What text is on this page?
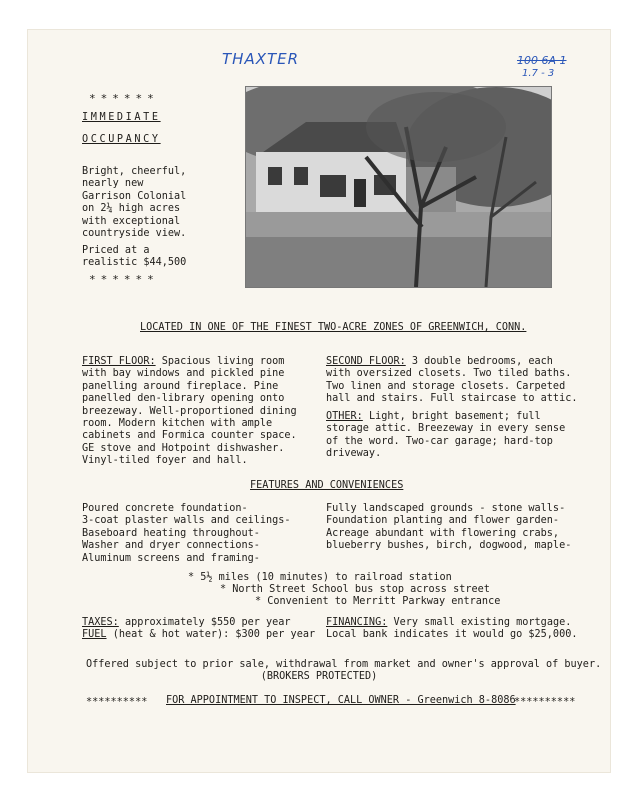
THAXTER	100 6A 1
1.7 - 3
******
IMMEDIATE
OCCUPANCY
Bright, cheerful,
nearly new
Garrison Colonial
on 2¼ high acres
with exceptional
countryside view.
Priced at a
realistic $44,500
******
LOCATED IN ONE OF THE FINEST TWO-ACRE ZONES OF GREENWICH, CONN.
FIRST FLOOR: Spacious living room
with bay windows and pickled pine
panelling around fireplace. Pine
panelled den-library opening onto
breezeway. Well-proportioned dining
room. Modern kitchen with ample
cabinets and Formica counter space.
GE stove and Hotpoint dishwasher.
Vinyl-tiled foyer and hall.
SECOND FLOOR: 3 double bedrooms, each
with oversized closets. Two tiled baths.
Two linen and storage closets. Carpeted
hall and stairs. Full staircase to attic.
OTHER: Light, bright basement; full
storage attic. Breezeway in every sense
of the word. Two-car garage; hard-top
driveway.
FEATURES AND CONVENIENCES
Poured concrete foundation-
3-coat plaster walls and ceilings-
Baseboard heating throughout-
Washer and dryer connections-
Aluminum screens and framing-
Fully landscaped grounds - stone walls-
Foundation planting and flower garden-
Acreage abundant with flowering crabs,
blueberry bushes, birch, dogwood, maple-
* 5½ miles (10 minutes) to railroad station
* North Street School bus stop across street
* Convenient to Merritt Parkway entrance
TAXES: approximately $550 per year
FUEL (heat & hot water): $300 per year
FINANCING: Very small existing mortgage.
Local bank indicates it would go $25,000.
Offered subject to prior sale, withdrawal from market and owner's approval of buyer.
(BROKERS PROTECTED)
********** FOR APPOINTMENT TO INSPECT, CALL OWNER - Greenwich 8-8086
**********
